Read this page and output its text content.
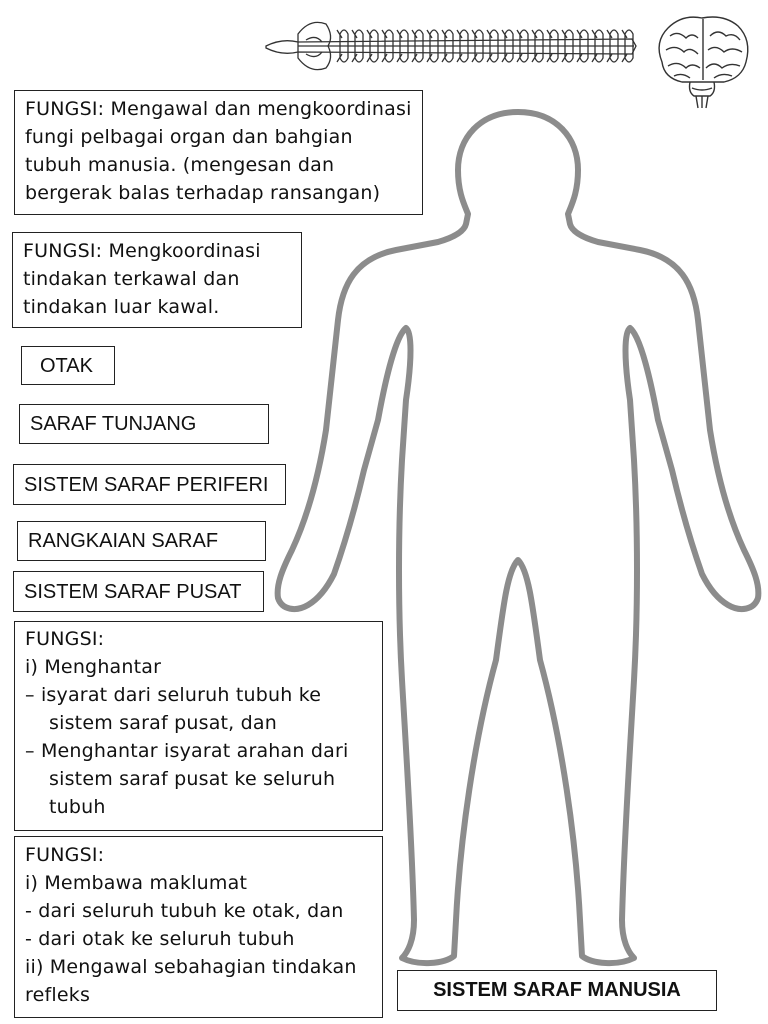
FUNGSI: Mengawal dan mengkoordinasi
fungi pelbagai organ dan bahgian
tubuh manusia. (mengesan dan
bergerak balas terhadap ransangan)
FUNGSI: Mengkoordinasi
tindakan terkawal dan
tindakan luar kawal.
OTAK
SARAF TUNJANG
SISTEM SARAF PERIFERI
RANGKAIAN SARAF
SISTEM SARAF PUSAT
FUNGSI:
i) Menghantar
– isyarat dari seluruh tubuh ke
sistem saraf pusat, dan
– Menghantar isyarat arahan dari
sistem saraf pusat ke seluruh
tubuh
FUNGSI:
i) Membawa maklumat
- dari seluruh tubuh ke otak, dan
- dari otak ke seluruh tubuh
ii) Mengawal sebahagian tindakan
refleks	SISTEM SARAF MANUSIA
